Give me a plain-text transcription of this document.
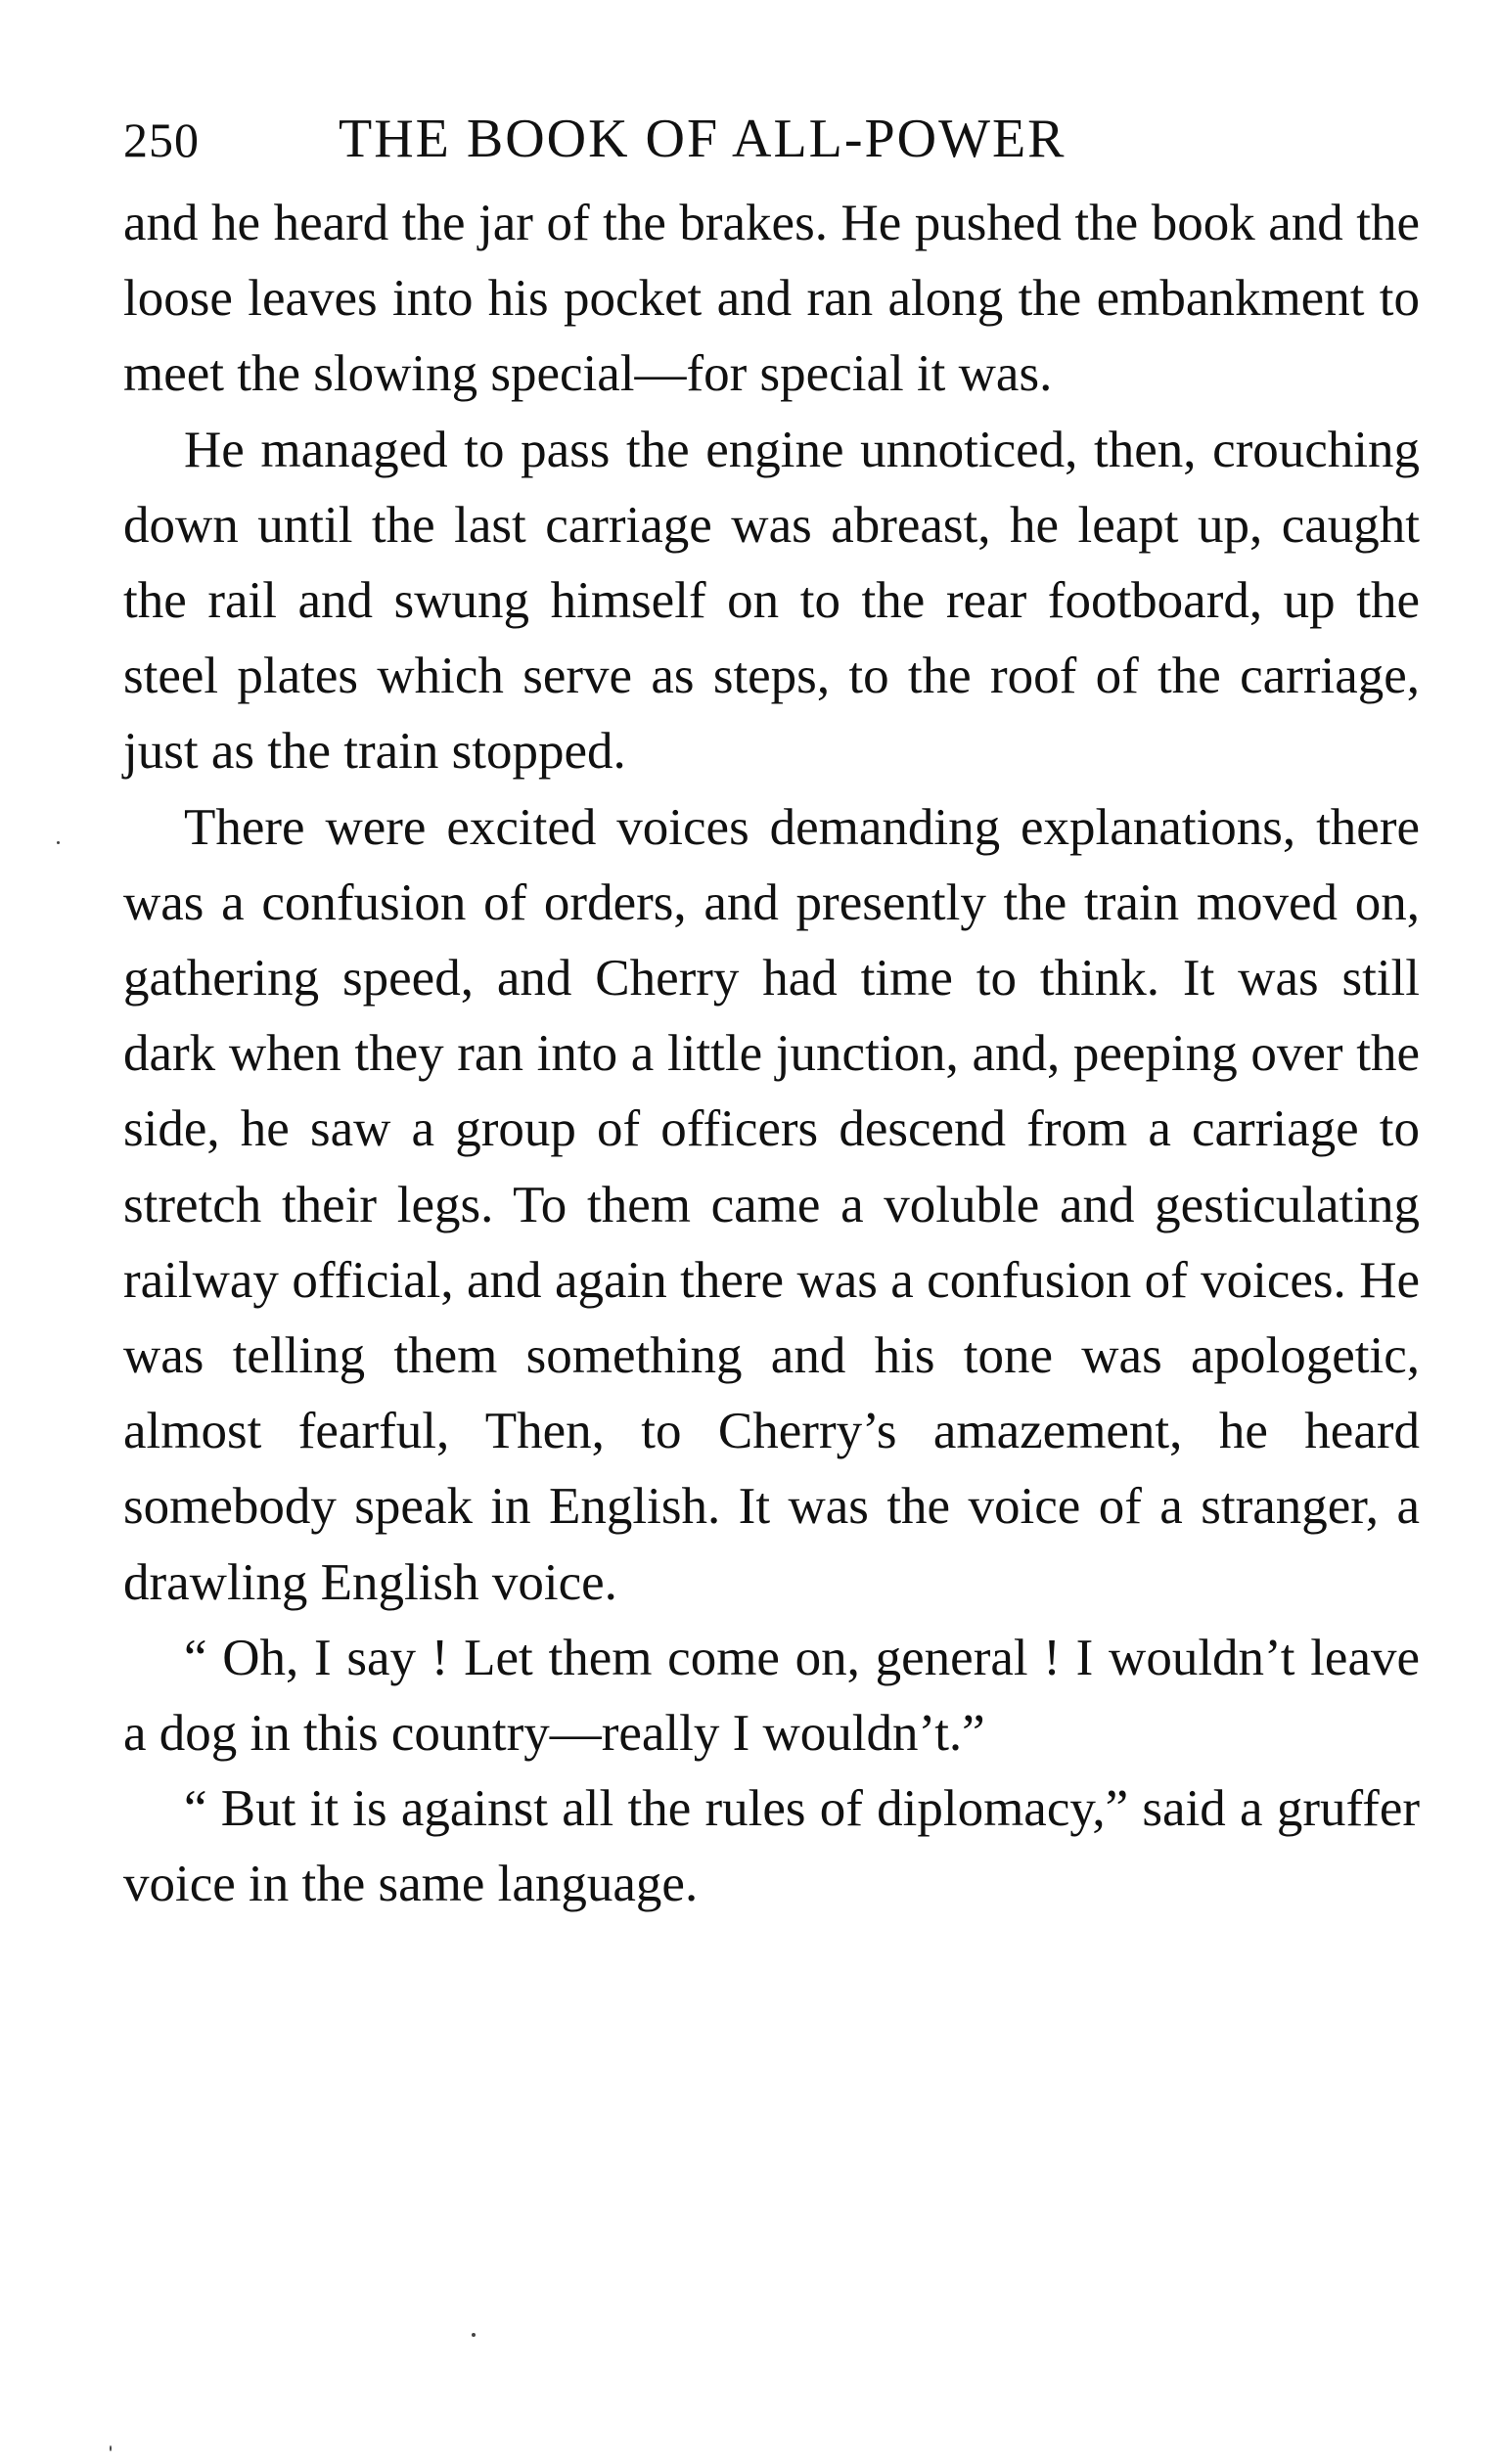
250	THE BOOK OF ALL-POWER

and he heard the jar of the brakes. He pushed the book and the loose leaves into his pocket and ran along the embankment to meet the slowing special—for special it was.

He managed to pass the engine unnoticed, then, crouching down until the last carriage was abreast, he leapt up, caught the rail and swung himself on to the rear footboard, up the steel plates which serve as steps, to the roof of the carriage, just as the train stopped.

There were excited voices demanding explanations, there was a confusion of orders, and presently the train moved on, gathering speed, and Cherry had time to think. It was still dark when they ran into a little junction, and, peeping over the side, he saw a group of officers descend from a carriage to stretch their legs. To them came a voluble and gesticulating railway official, and again there was a confusion of voices. He was telling them something and his tone was apologetic, almost fearful, Then, to Cherry’s amazement, he heard somebody speak in English. It was the voice of a stranger, a drawling English voice.

“ Oh, I say ! Let them come on, general ! I wouldn’t leave a dog in this country—really I wouldn’t.”

“ But it is against all the rules of diplomacy,” said a gruffer voice in the same language.
